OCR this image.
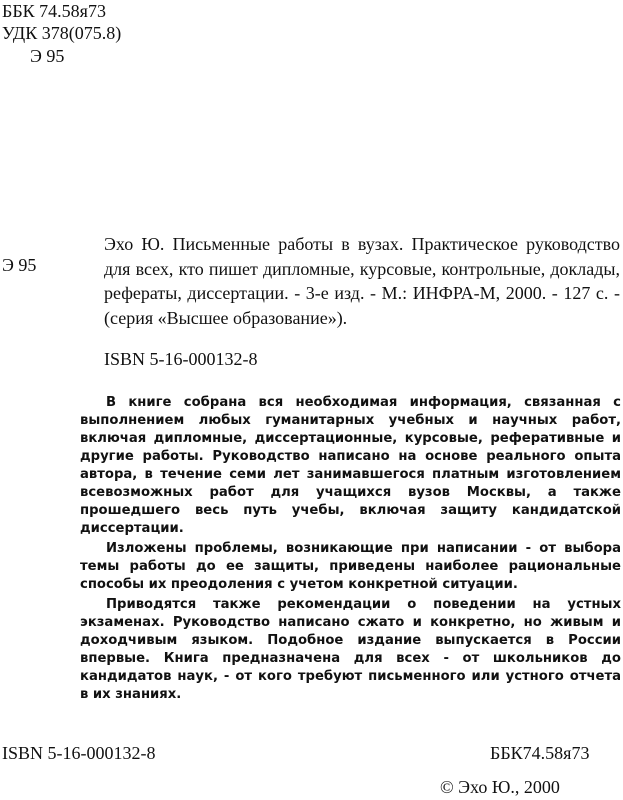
ББК 74.58я73
УДК 378(075.8)
Э 95
Э 95
Эхо Ю. Письменные работы в вузах. Практическое руководство для всех, кто пишет дипломные, курсовые, контрольные, доклады, рефераты, диссертации. - 3-е изд. - М.: ИНФРА-М, 2000. - 127 с. - (серия «Высшее образование»).
ISBN 5-16-000132-8

В книге собрана вся необходимая информация, связанная с выполнением любых гуманитарных учебных и научных работ, включая дипломные, диссертационные, курсовые, реферативные и другие работы. Руководство написано на основе реального опыта автора, в течение семи лет занимавшегося платным изготовлением всевозможных работ для учащихся вузов Москвы, а также прошедшего весь путь учебы, включая защиту кандидатской диссертации.

Изложены проблемы, возникающие при написании - от выбора темы работы до ее защиты, приведены наиболее рациональные способы их преодоления с учетом конкретной ситуации.

Приводятся также рекомендации о поведении на устных экзаменах. Руководство написано сжато и конкретно, но живым и доходчивым языком. Подобное издание выпускается в России впервые. Книга предназначена для всех - от школьников до кандидатов наук, - от кого требуют письменного или устного отчета в их знаниях.

ISBN 5-16-000132-8	ББК74.58я73
© Эхо Ю., 2000
